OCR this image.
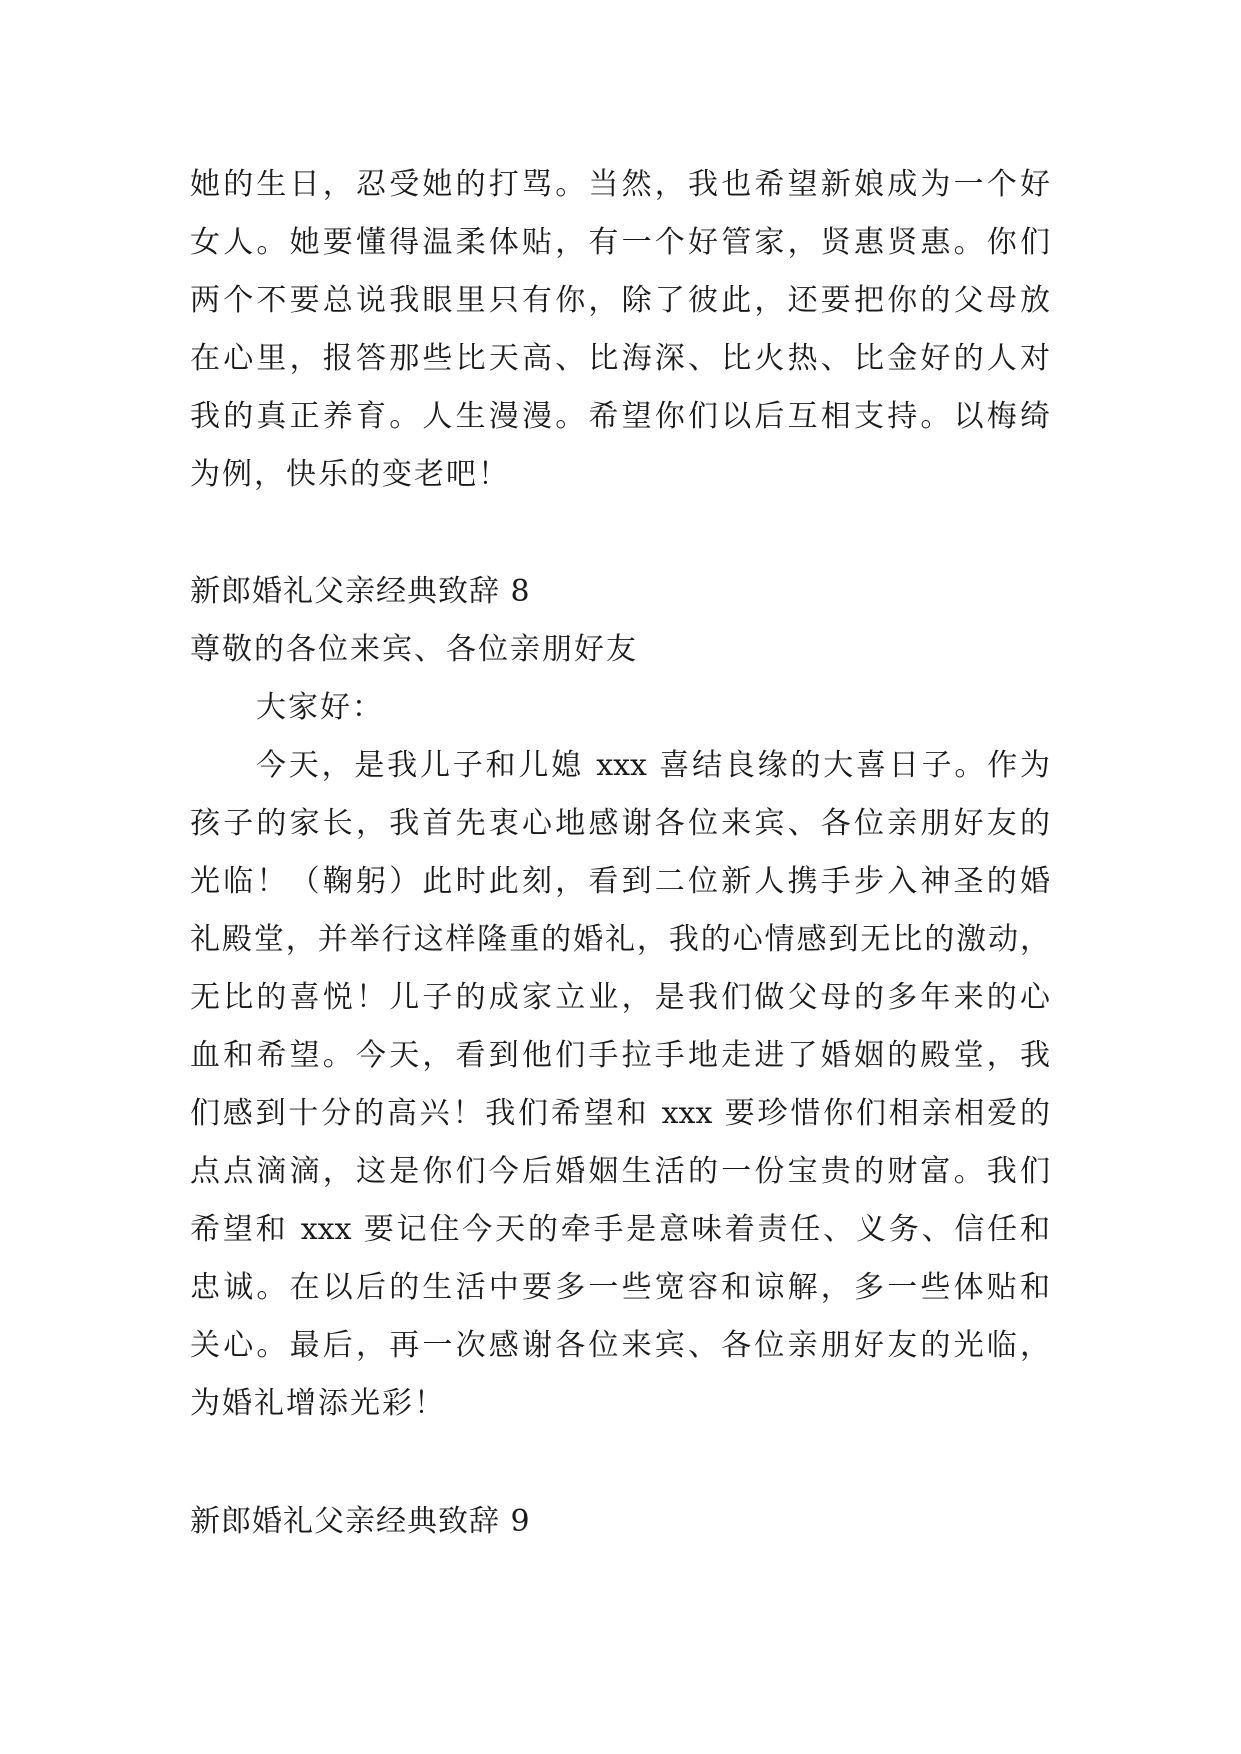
她的生日，忍受她的打骂。当然，我也希望新娘成为一个好
女人。她要懂得温柔体贴，有一个好管家，贤惠贤惠。你们
两个不要总说我眼里只有你，除了彼此，还要把你的父母放
在心里，报答那些比天高、比海深、比火热、比金好的人对
我的真正养育。人生漫漫。希望你们以后互相支持。以梅绮
为例，快乐的变老吧！
新郎婚礼父亲经典致辞 8
尊敬的各位来宾、各位亲朋好友
大家好：
今天，是我儿子和儿媳 xxx 喜结良缘的大喜日子。作为
孩子的家长，我首先衷心地感谢各位来宾、各位亲朋好友的
光临！（鞠躬）此时此刻，看到二位新人携手步入神圣的婚
礼殿堂，并举行这样隆重的婚礼，我的心情感到无比的激动，
无比的喜悦！儿子的成家立业，是我们做父母的多年来的心
血和希望。今天，看到他们手拉手地走进了婚姻的殿堂，我
们感到十分的高兴！我们希望和 xxx 要珍惜你们相亲相爱的
点点滴滴，这是你们今后婚姻生活的一份宝贵的财富。我们
希望和 xxx 要记住今天的牵手是意味着责任、义务、信任和
忠诚。在以后的生活中要多一些宽容和谅解，多一些体贴和
关心。最后，再一次感谢各位来宾、各位亲朋好友的光临，
为婚礼增添光彩！
新郎婚礼父亲经典致辞 9
